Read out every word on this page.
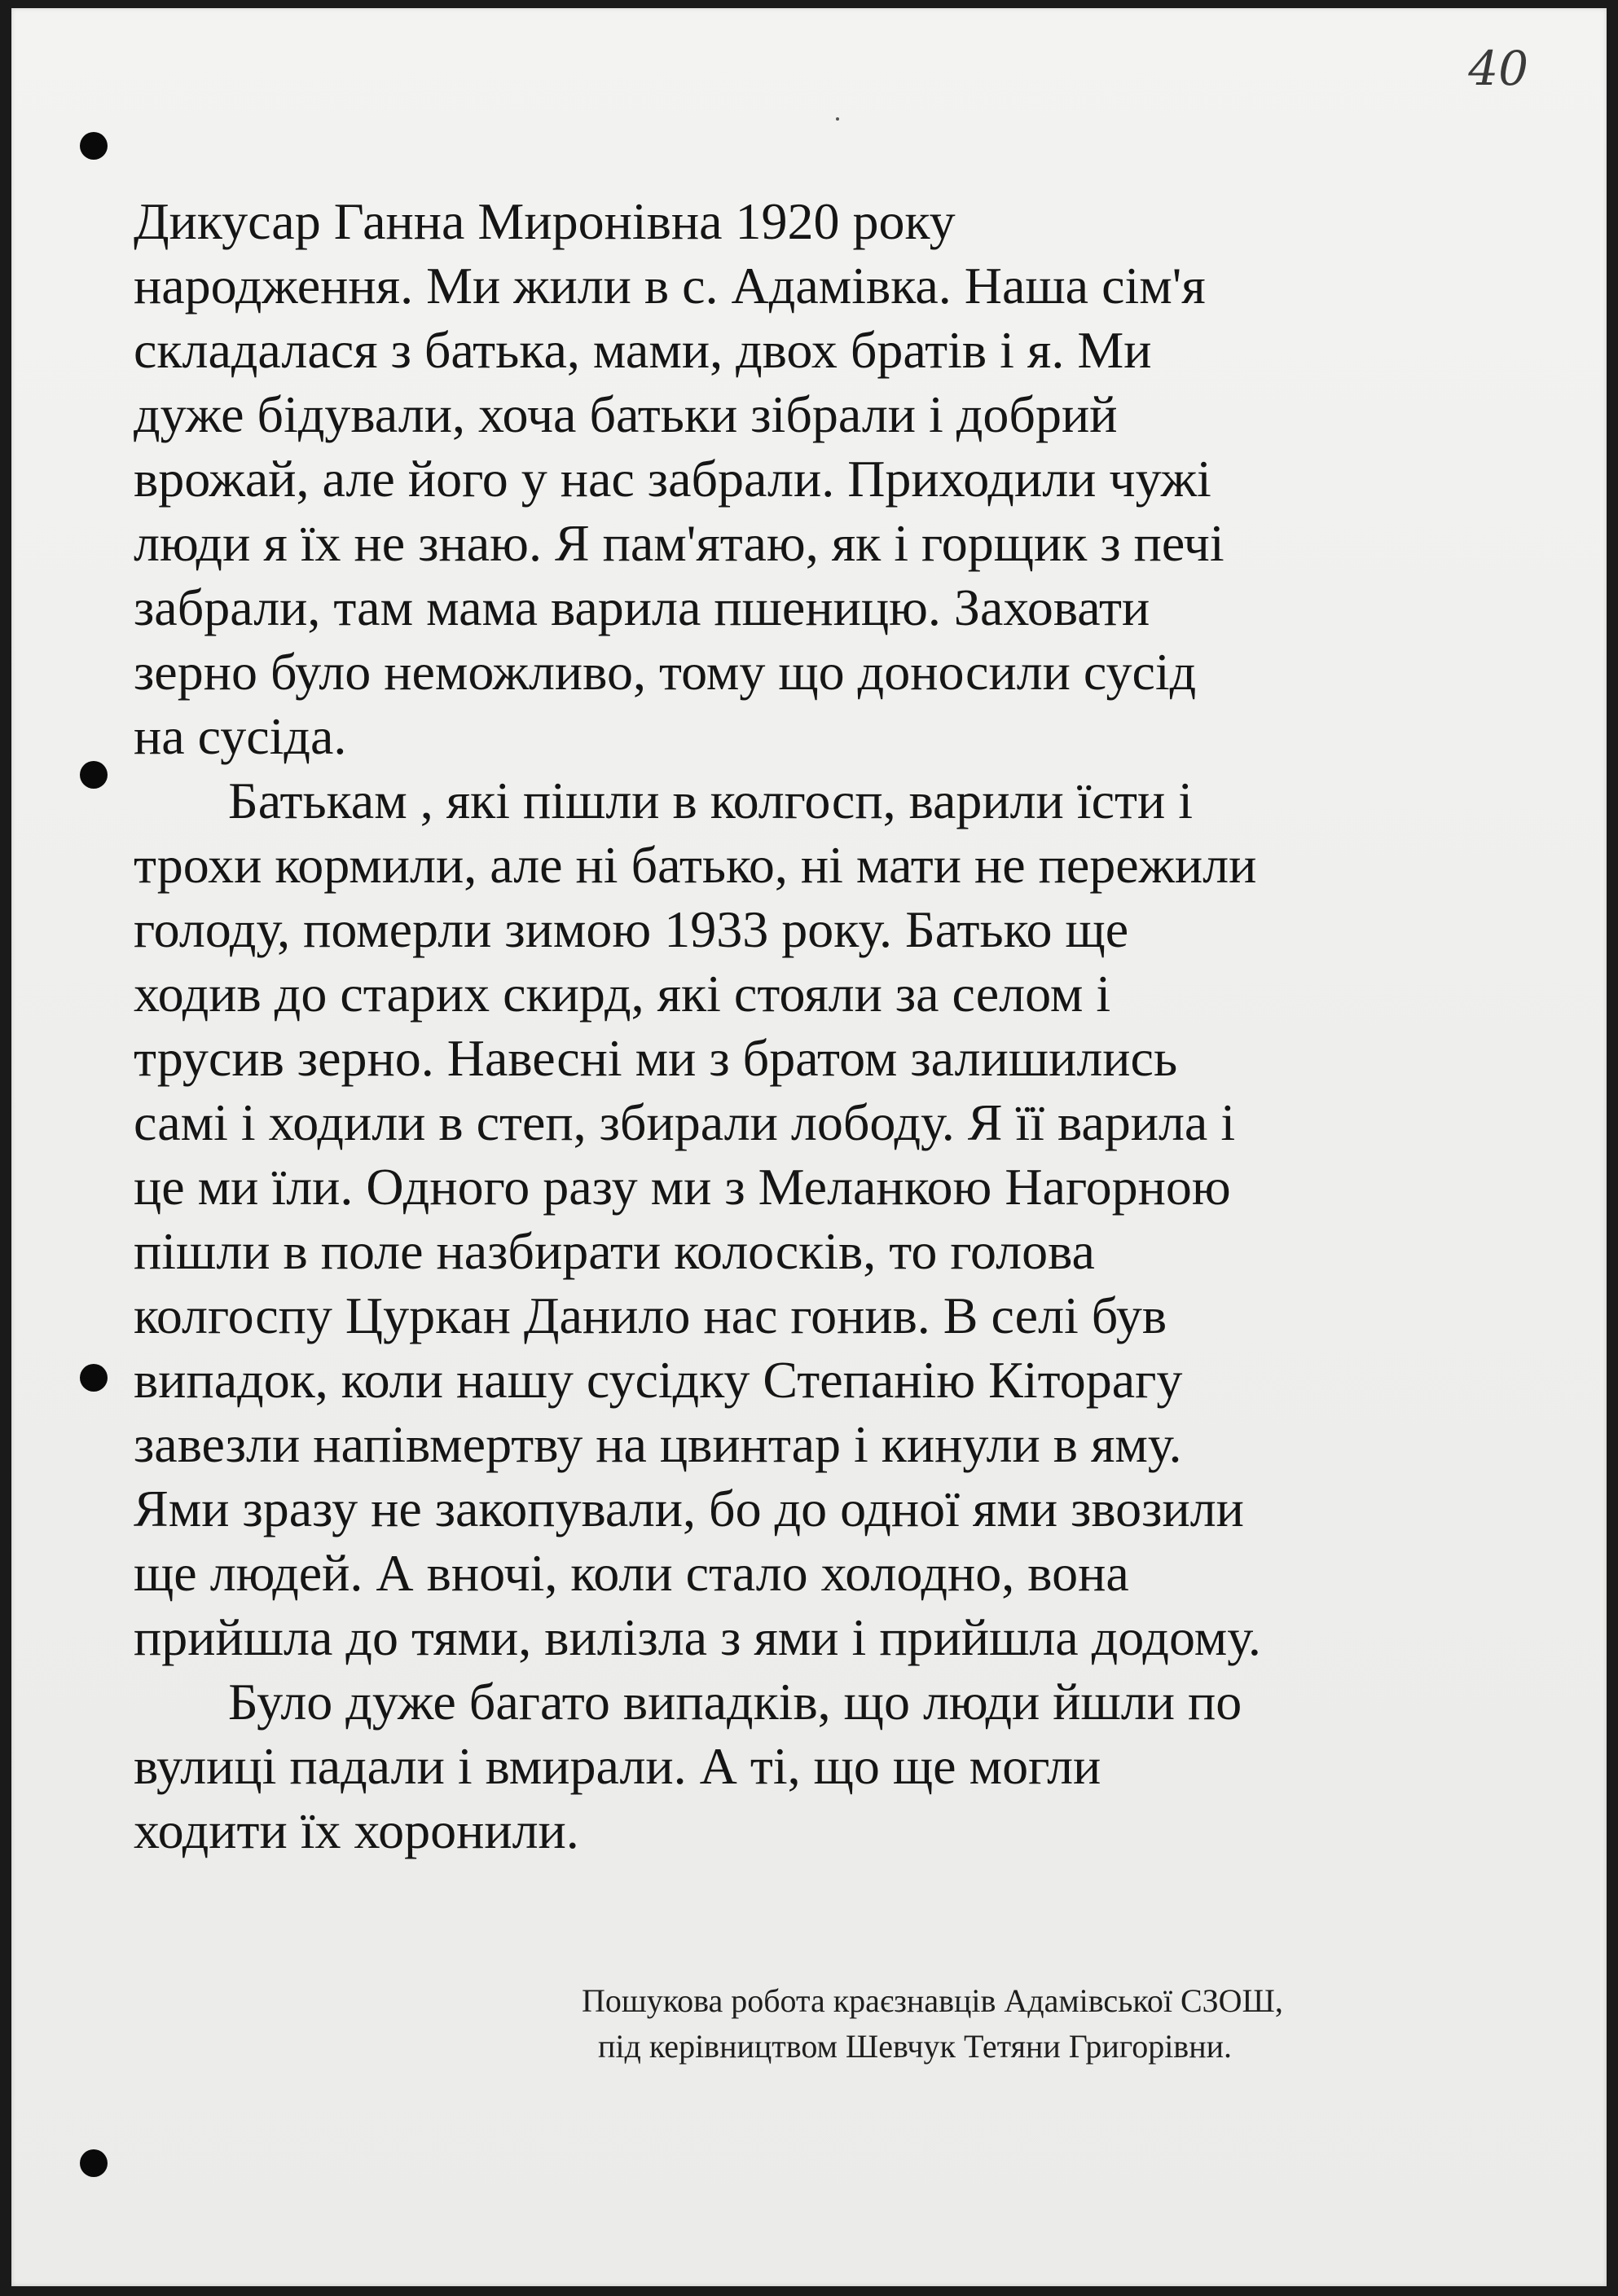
40

Дикусар Ганна Миронівна 1920 року
народження. Ми жили в с. Адамівка. Наша сім'я
складалася з батька, мами, двох братів і я. Ми
дуже бідували, хоча батьки зібрали і добрий
врожай, але його у нас забрали. Приходили чужі
люди я їх не знаю. Я пам'ятаю, як і горщик з печі
забрали, там мама варила пшеницю. Заховати
зерно було неможливо, тому що доносили сусід
на сусіда.

Батькам , які пішли в колгосп, варили їсти і
трохи кормили, але ні батько, ні мати не пережили
голоду, померли зимою 1933 року. Батько ще
ходив до старих скирд, які стояли за селом і
трусив зерно. Навесні ми з братом залишились
самі і ходили в степ, збирали лободу. Я її варила і
це ми їли. Одного разу ми з Меланкою Нагорною
пішли в поле назбирати колосків, то голова
колгоспу Цуркан Данило нас гонив. В селі був
випадок, коли нашу сусідку Степанію Кіторагу
завезли напівмертву на цвинтар і кинули в яму.
Ями зразу не закопували, бо до одної ями звозили
ще людей. А вночі, коли стало холодно, вона
прийшла до тями, вилізла з ями і прийшла додому.

Було дуже багато випадків, що люди йшли по
вулиці падали і вмирали. А ті, що ще могли
ходити їх хоронили.

Пошукова робота краєзнавців Адамівської СЗОШ,
під керівництвом Шевчук Тетяни Григорівни.
